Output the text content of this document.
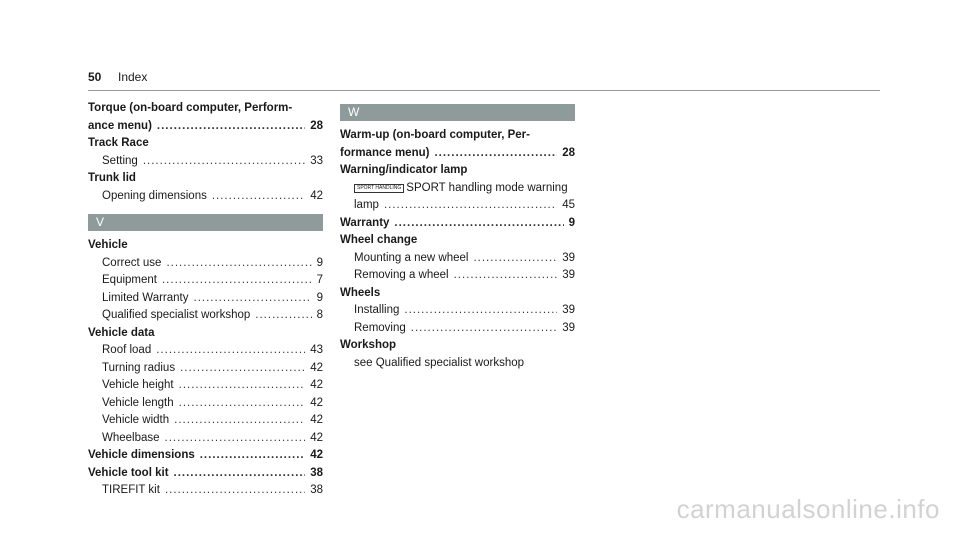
50 Index
Torque (on-board computer, Perform-
ance menu) .....	28
Track Race
Setting .....	33
Trunk lid
Opening dimensions .....	42
V
Vehicle
Correct use .....	9
Equipment .....	7
Limited Warranty .....	9
Qualified specialist workshop .....	8
Vehicle data
Roof load .....	43
Turning radius .....	42
Vehicle height .....	42
Vehicle length .....	42
Vehicle width .....	42
Wheelbase .....	42
Vehicle dimensions .....	42
Vehicle tool kit .....	38
TIREFIT kit .....	38
W
Warm-up (on-board computer, Per-
formance menu) .....	28
Warning/indicator lamp
SPORT HANDLING SPORT handling mode warning
lamp .....	45
Warranty .....	9
Wheel change
Mounting a new wheel .....	39
Removing a wheel .....	39
Wheels
Installing .....	39
Removing .....	39
Workshop
see Qualified specialist workshop
carmanualsonline.info
